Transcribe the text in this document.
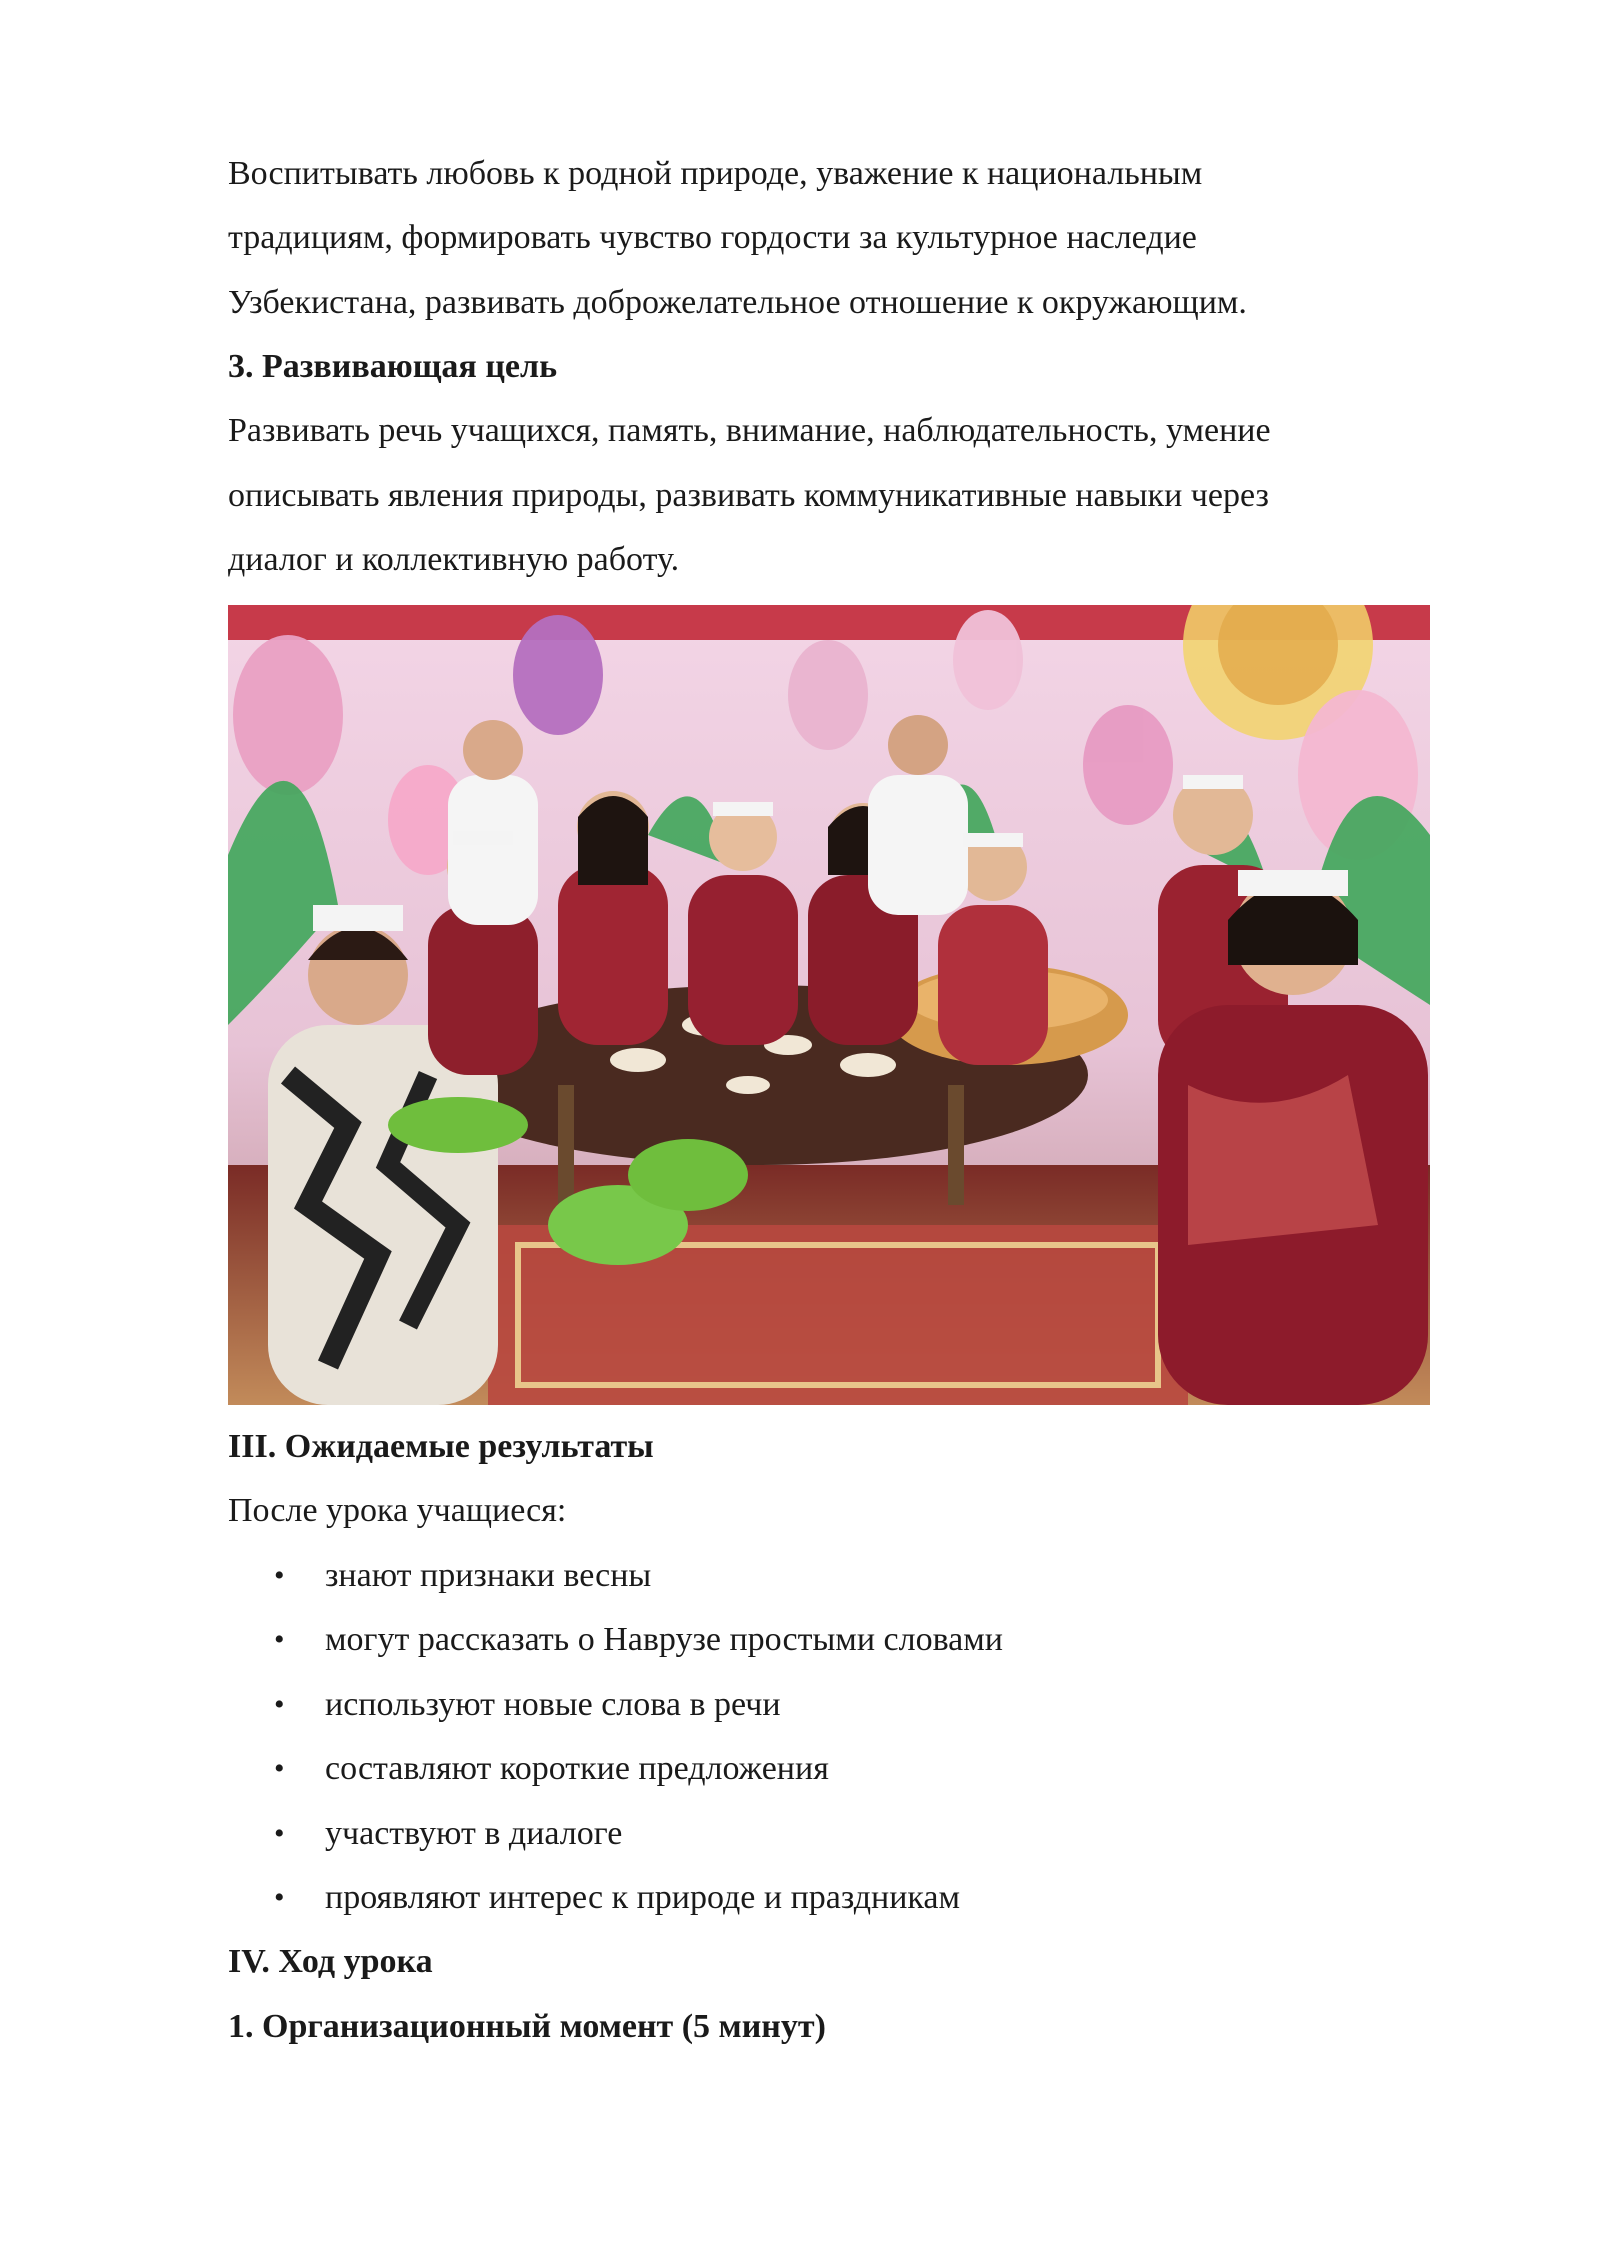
Воспитывать любовь к родной природе, уважение к национальным
традициям, формировать чувство гордости за культурное наследие
Узбекистана, развивать доброжелательное отношение к окружающим.
3. Развивающая цель
Развивать речь учащихся, память, внимание, наблюдательность, умение
описывать явления природы, развивать коммуникативные навыки через
диалог и коллективную работу.
III. Ожидаемые результаты
После урока учащиеся:
• знают признаки весны
• могут рассказать о Наврузе простыми словами
• используют новые слова в речи
• составляют короткие предложения
• участвуют в диалоге
• проявляют интерес к природе и праздникам
IV. Ход урока
1. Организационный момент (5 минут)
